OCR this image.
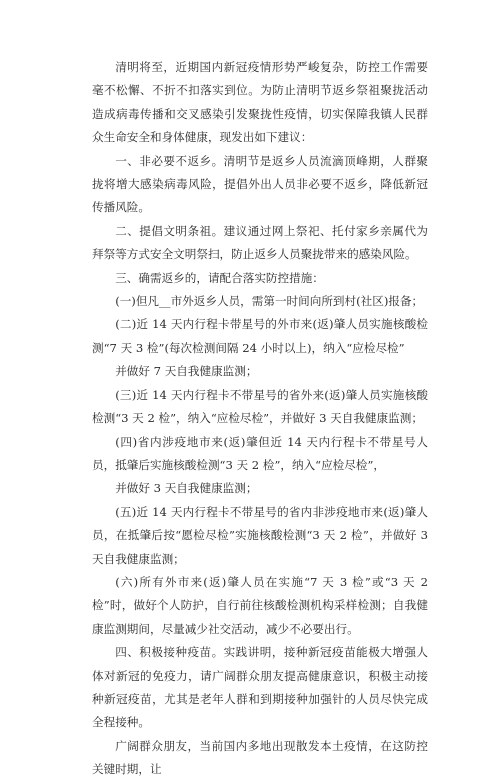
清明将至，近期国内新冠疫情形势严峻复杂，防控工作需要毫不松懈、不折不扣落实到位。为防止清明节返乡祭祖聚拢活动造成病毒传播和交叉感染引发聚拢性疫情，切实保障我镇人民群众生命安全和身体健康，现发出如下建议：

一、非必要不返乡。清明节是返乡人员流滴顶峰期，人群聚拢将增大感染病毒风险，提倡外出人员非必要不返乡，降低新冠传播风险。

二、提倡文明条祖。建议通过网上祭祀、托付家乡亲属代为拜祭等方式安全文明祭扫，防止返乡人员聚拢带来的感染风险。

三、确需返乡的，请配合落实防控措施：

(一)但凡__市外返乡人员，需第一时间向所到村(社区)报备；

(二)近 14 天内行程卡带星号的外市来(返)肇人员实施核酸检测“7 天 3 检”(每次检测间隔 24 小时以上)，纳入“应检尽检”

并做好 7 天自我健康监测；

(三)近 14 天内行程卡不带星号的省外来(返)肇人员实施核酸检测“3 天 2 检”，纳入“应检尽检”，并做好 3 天自我健康监测；

(四)省内涉疫地市来(返)肇但近 14 天内行程卡不带星号人员，抵肇后实施核酸检测“3 天 2 检”，纳入“应检尽检”，

并做好 3 天自我健康监测；

(五)近 14 天内行程卡不带星号的省内非涉疫地市来(返)肇人员，在抵肇后按“愿检尽检”实施核酸检测“3 天 2 检”，并做好 3 天自我健康监测；

(六)所有外市来(返)肇人员在实施“7 天 3 检”或“3 天 2 检”时，做好个人防护，自行前往核酸检测机构采样检测；自我健康监测期间，尽量减少社交活动，减少不必要出行。

四、积极接种疫苗。实践讲明，接种新冠疫苗能极大增强人体对新冠的免疫力，请广阔群众朋友提高健康意识，积极主动接种新冠疫苗，尤其是老年人群和到期接种加强针的人员尽快完成全程接种。

广阔群众朋友，当前国内多地出现散发本土疫情，在这防控关键时期，让
